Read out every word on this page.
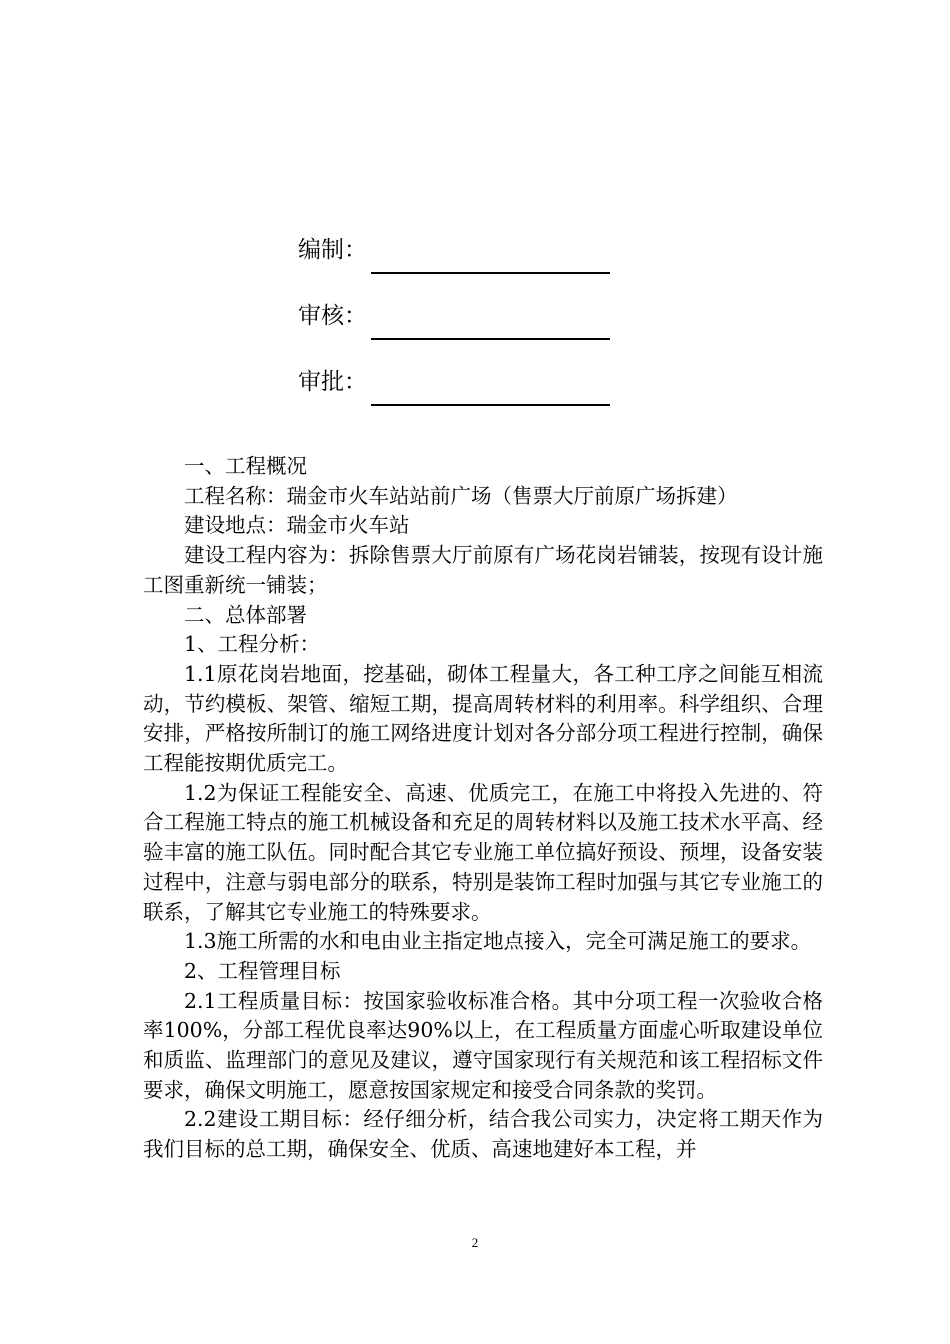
编制：
审核：
审批：

一、工程概况

工程名称：瑞金市火车站站前广场（售票大厅前原广场拆建）

建设地点：瑞金市火车站

建设工程内容为：拆除售票大厅前原有广场花岗岩铺装，按现有设计施工图重新统一铺装；

二、总体部署

1、工程分析：

1.1原花岗岩地面，挖基础，砌体工程量大，各工种工序之间能互相流动，节约模板、架管、缩短工期，提高周转材料的利用率。科学组织、合理安排，严格按所制订的施工网络进度计划对各分部分项工程进行控制，确保工程能按期优质完工。

1.2为保证工程能安全、高速、优质完工，在施工中将投入先进的、符合工程施工特点的施工机械设备和充足的周转材料以及施工技术水平高、经验丰富的施工队伍。同时配合其它专业施工单位搞好预设、预埋，设备安装过程中，注意与弱电部分的联系，特别是装饰工程时加强与其它专业施工的联系，了解其它专业施工的特殊要求。

1.3施工所需的水和电由业主指定地点接入，完全可满足施工的要求。

2、工程管理目标

2.1工程质量目标：按国家验收标准合格。其中分项工程一次验收合格率100%，分部工程优良率达90%以上，在工程质量方面虚心听取建设单位和质监、监理部门的意见及建议，遵守国家现行有关规范和该工程招标文件要求，确保文明施工，愿意按国家规定和接受合同条款的奖罚。

2.2建设工期目标：经仔细分析，结合我公司实力，决定将工期天作为我们目标的总工期，确保安全、优质、高速地建好本工程，并

2
